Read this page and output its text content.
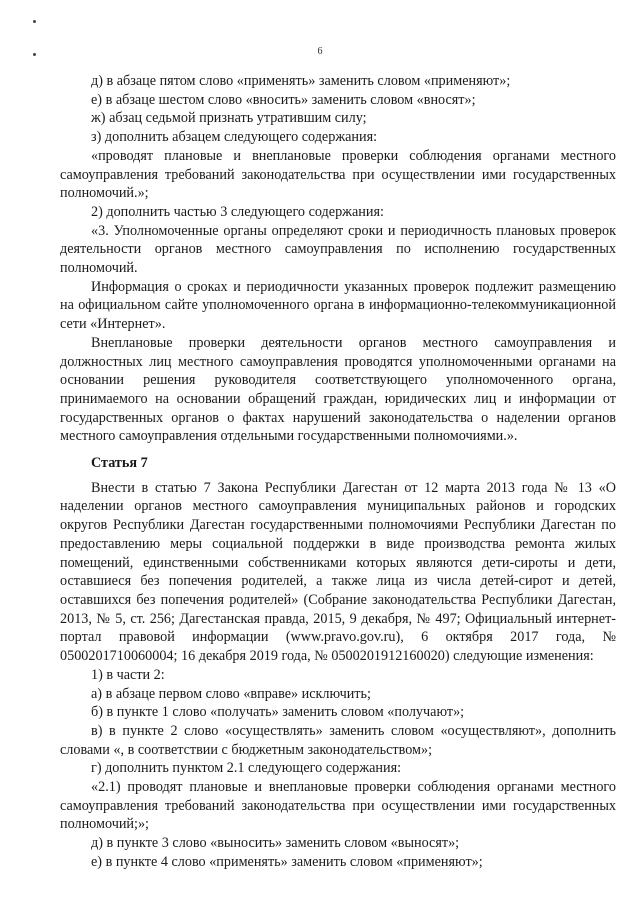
6

д) в абзаце пятом слово «применять» заменить словом «применяют»;

е) в абзаце шестом слово «вносить» заменить словом «вносят»;

ж) абзац седьмой признать утратившим силу;

з) дополнить абзацем следующего содержания:

«проводят плановые и внеплановые проверки соблюдения органами местного самоуправления требований законодательства при осуществлении ими государственных полномочий.»;

2) дополнить частью 3 следующего содержания:

«3. Уполномоченные органы определяют сроки и периодичность плановых проверок деятельности органов местного самоуправления по исполнению государственных полномочий.

Информация о сроках и периодичности указанных проверок подлежит размещению на официальном сайте уполномоченного органа в информационно-телекоммуникационной сети «Интернет».

Внеплановые проверки деятельности органов местного самоуправления и должностных лиц местного самоуправления проводятся уполномоченными органами на основании решения руководителя соответствующего уполномоченного органа, принимаемого на основании обращений граждан, юридических лиц и информации от государственных органов о фактах нарушений законодательства о наделении органов местного самоуправления отдельными государственными полномочиями.».

Статья 7

Внести в статью 7 Закона Республики Дагестан от 12 марта 2013 года № 13 «О наделении органов местного самоуправления муниципальных районов и городских округов Республики Дагестан государственными полномочиями Республики Дагестан по предоставлению меры социальной поддержки в виде производства ремонта жилых помещений, единственными собственниками которых являются дети-сироты и дети, оставшиеся без попечения родителей, а также лица из числа детей-сирот и детей, оставшихся без попечения родителей» (Собрание законодательства Республики Дагестан, 2013, № 5, ст. 256; Дагестанская правда, 2015, 9 декабря, № 497; Официальный интернет-портал правовой информации (www.pravo.gov.ru), 6 октября 2017 года, № 0500201710060004; 16 декабря 2019 года, № 0500201912160020) следующие изменения:

1) в части 2:

а) в абзаце первом слово «вправе» исключить;

б) в пункте 1 слово «получать» заменить словом «получают»;

в) в пункте 2 слово «осуществлять» заменить словом «осуществляют», дополнить словами «, в соответствии с бюджетным законодательством»;

г) дополнить пунктом 2.1 следующего содержания:

«2.1) проводят плановые и внеплановые проверки соблюдения органами местного самоуправления требований законодательства при осуществлении ими государственных полномочий;»;

д) в пункте 3 слово «выносить» заменить словом «выносят»;

е) в пункте 4 слово «применять» заменить словом «применяют»;
